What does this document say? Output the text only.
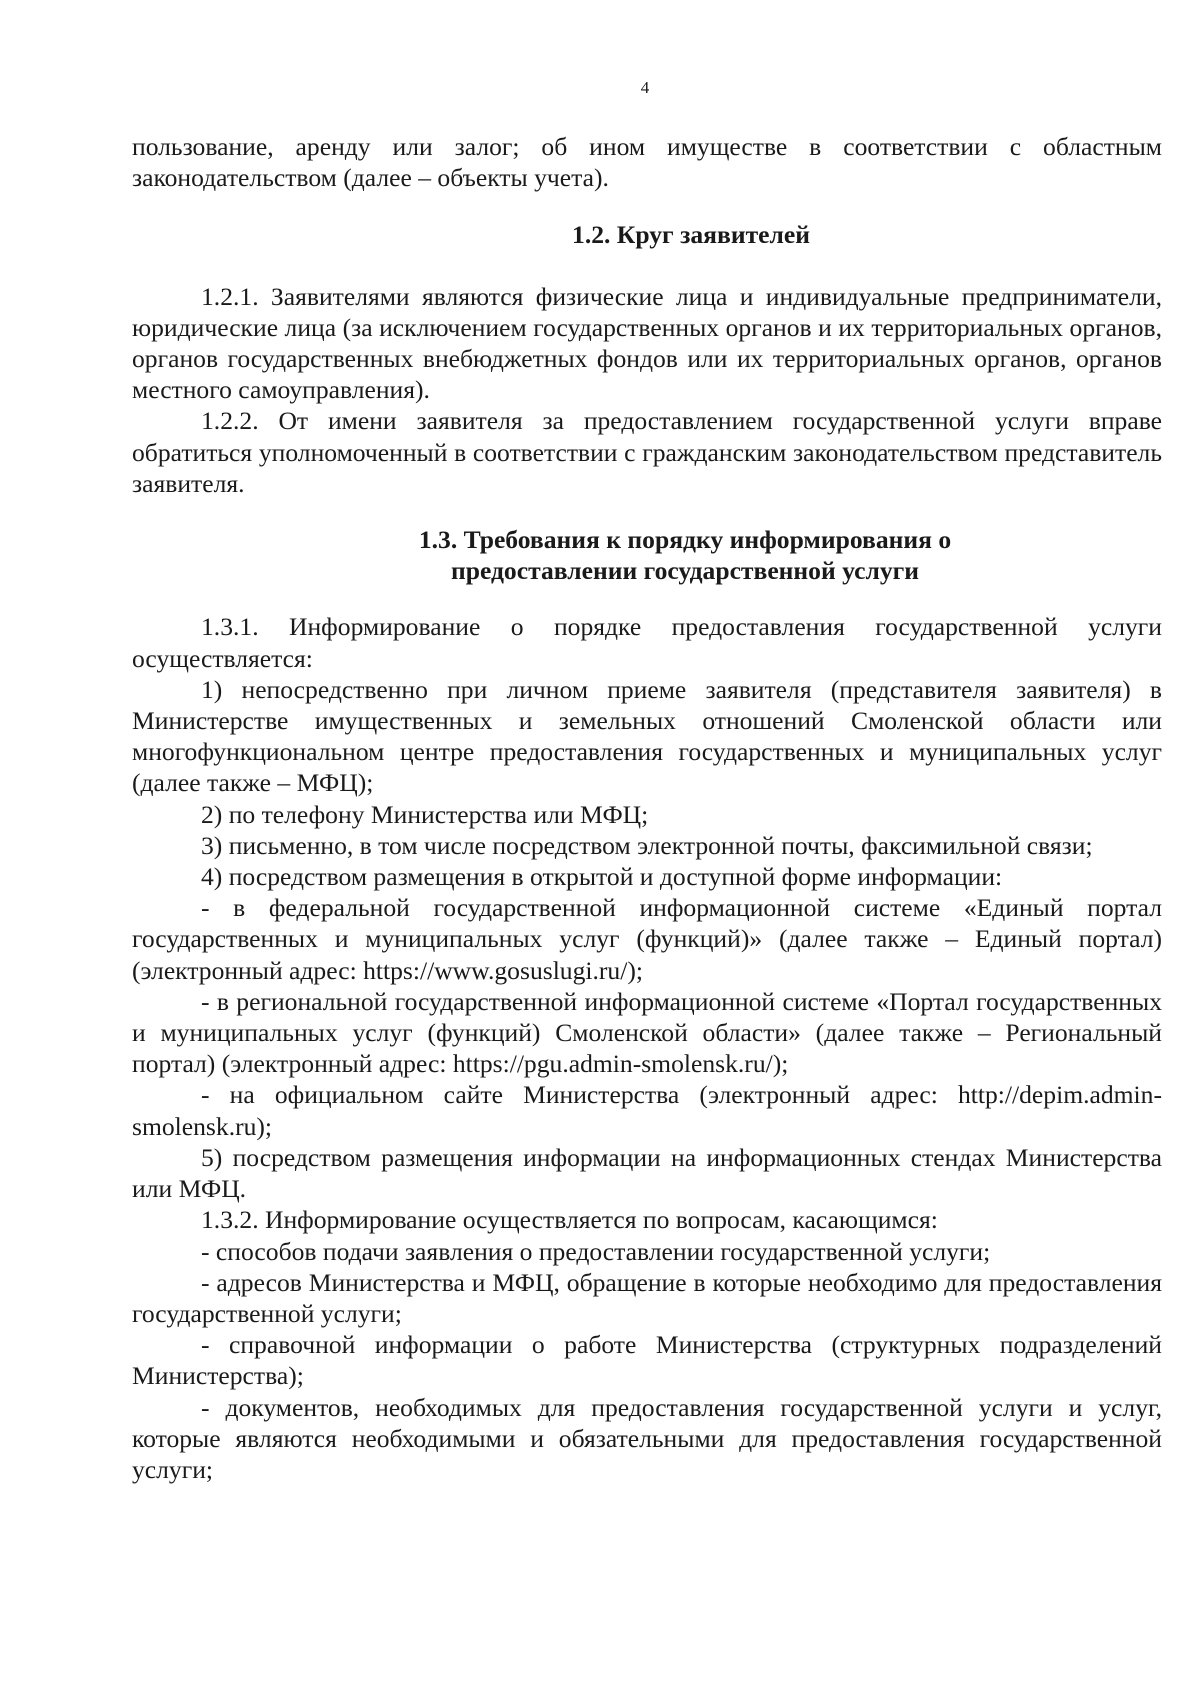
4

пользование, аренду или залог; об ином имуществе в соответствии с областным законодательством (далее – объекты учета).

1.2. Круг заявителей

1.2.1. Заявителями являются физические лица и индивидуальные предприниматели, юридические лица (за исключением государственных органов и их территориальных органов, органов государственных внебюджетных фондов или их территориальных органов, органов местного самоуправления).

1.2.2. От имени заявителя за предоставлением государственной услуги вправе обратиться уполномоченный в соответствии с гражданским законодательством представитель заявителя.

1.3. Требования к порядку информирования о
предоставлении государственной услуги

1.3.1. Информирование о порядке предоставления государственной услуги осуществляется:

1) непосредственно при личном приеме заявителя (представителя заявителя) в Министерстве имущественных и земельных отношений Смоленской области или многофункциональном центре предоставления государственных и муниципальных услуг (далее также – МФЦ);

2) по телефону Министерства или МФЦ;

3) письменно, в том числе посредством электронной почты, факсимильной связи;

4) посредством размещения в открытой и доступной форме информации:

- в федеральной государственной информационной системе «Единый портал государственных и муниципальных услуг (функций)» (далее также – Единый портал) (электронный адрес: https://www.gosuslugi.ru/);

- в региональной государственной информационной системе «Портал государственных и муниципальных услуг (функций) Смоленской области» (далее также – Региональный портал) (электронный адрес: https://pgu.admin-smolensk.ru/);

- на официальном сайте Министерства (электронный адрес: http://depim.admin-smolensk.ru);

5) посредством размещения информации на информационных стендах Министерства или МФЦ.

1.3.2. Информирование осуществляется по вопросам, касающимся:

- способов подачи заявления о предоставлении государственной услуги;

- адресов Министерства и МФЦ, обращение в которые необходимо для предоставления государственной услуги;

- справочной информации о работе Министерства (структурных подразделений Министерства);

- документов, необходимых для предоставления государственной услуги и услуг, которые являются необходимыми и обязательными для предоставления государственной услуги;
